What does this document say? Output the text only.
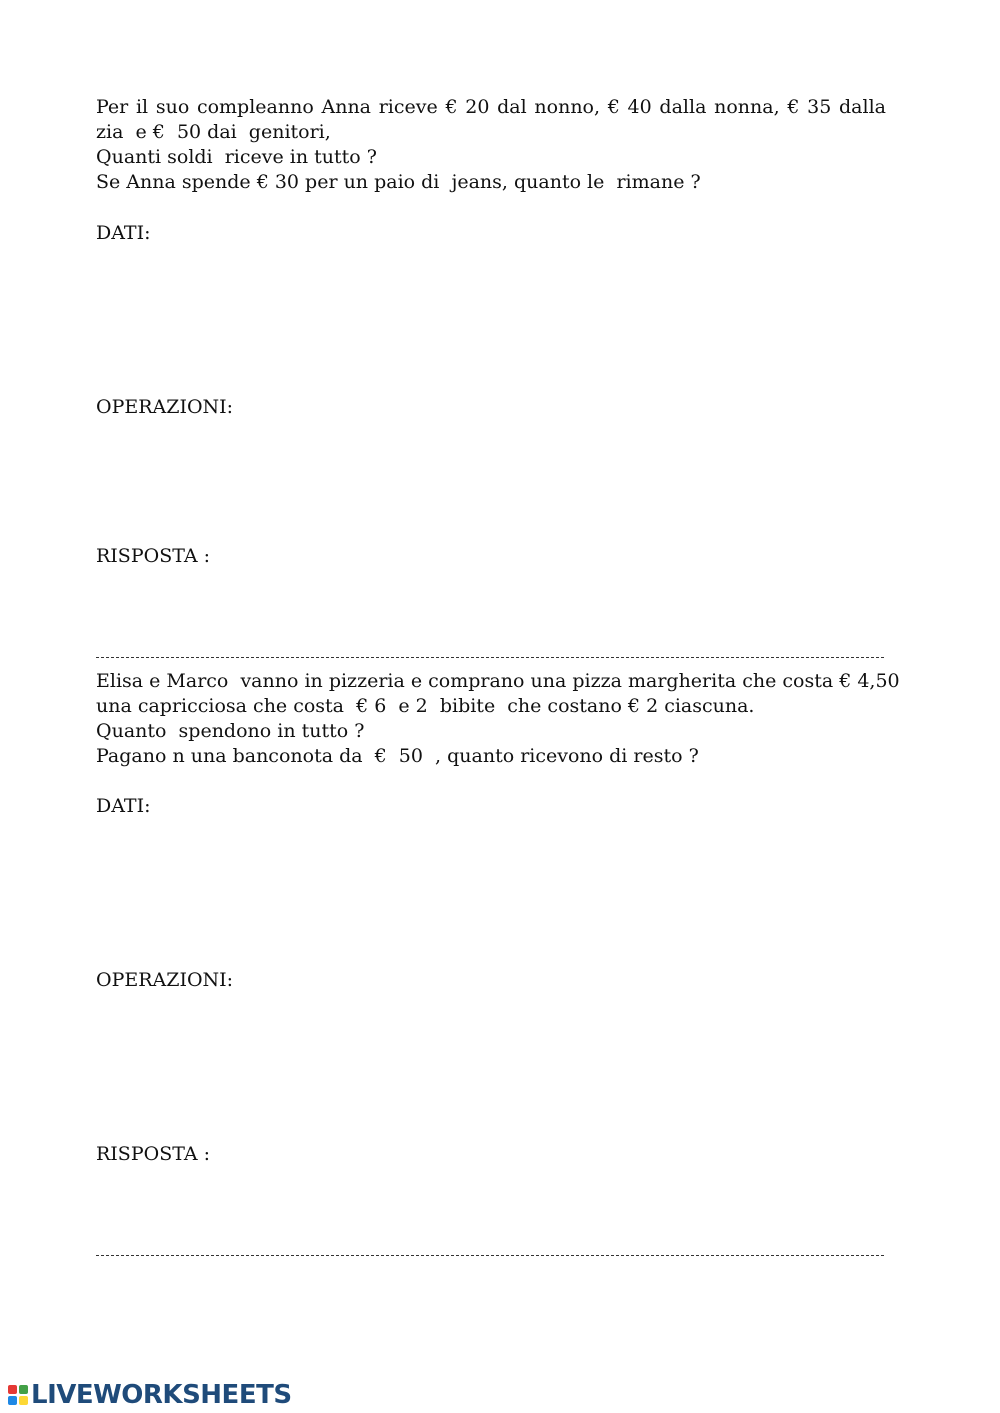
Per il suo compleanno Anna riceve € 20 dal nonno, € 40 dalla nonna, € 35 dalla
zia  e €  50 dai  genitori,
Quanti soldi  riceve in tutto ?
Se Anna spende € 30 per un paio di  jeans, quanto le  rimane ?
DATI:
OPERAZIONI:
RISPOSTA :
Elisa e Marco  vanno in pizzeria e comprano una pizza margherita che costa € 4,50
una capricciosa che costa  € 6  e 2  bibite  che costano € 2 ciascuna.
Quanto  spendono in tutto ?
Pagano n una banconota da  €  50  , quanto ricevono di resto ?
DATI:
OPERAZIONI:
RISPOSTA :
LIVEWORKSHEETS
